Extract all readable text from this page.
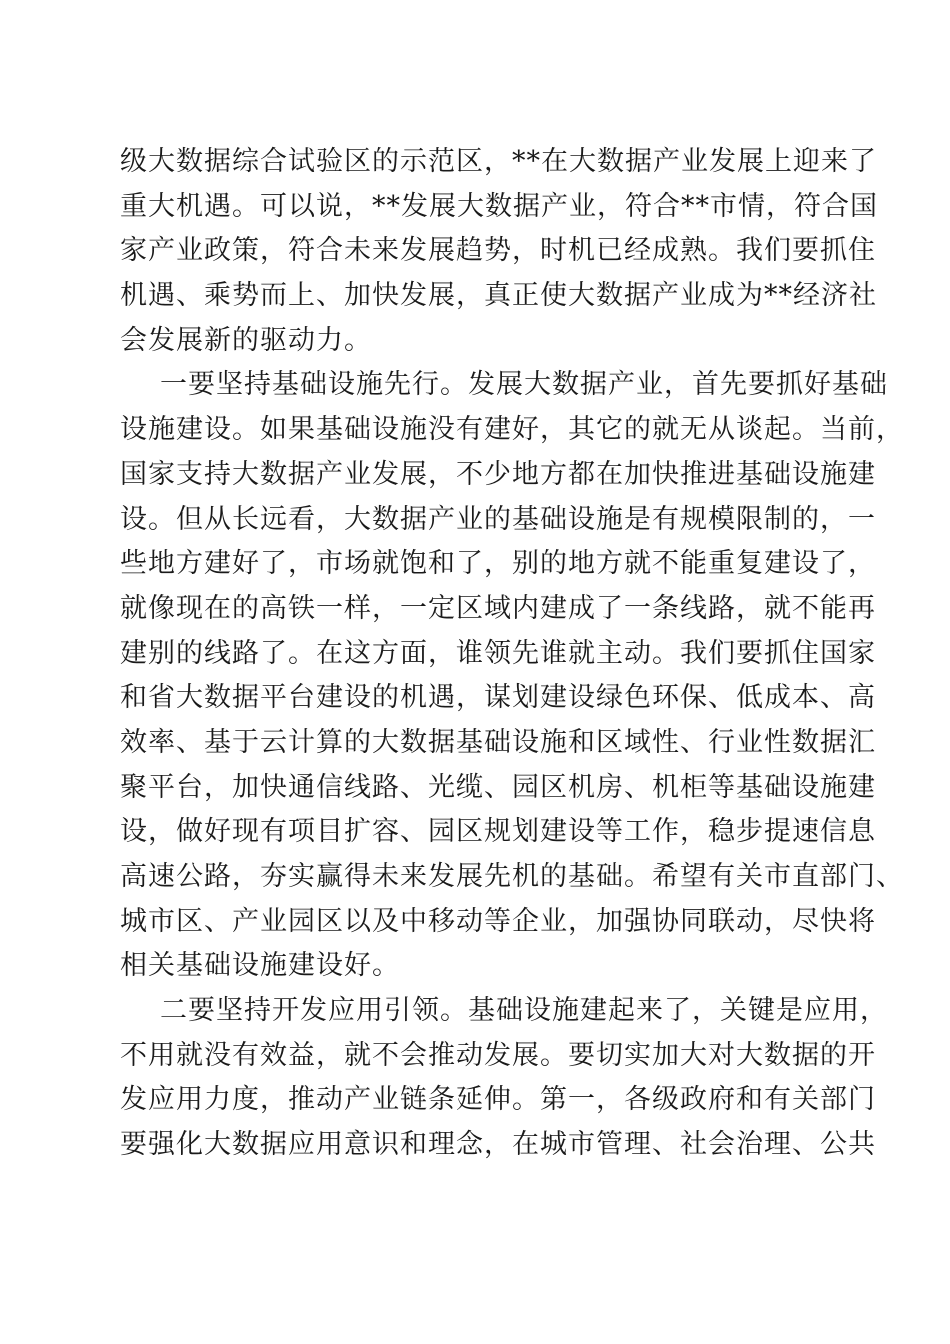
级大数据综合试验区的示范区，**在大数据产业发展上迎来了
重大机遇。可以说，**发展大数据产业，符合**市情，符合国
家产业政策，符合未来发展趋势，时机已经成熟。我们要抓住
机遇、乘势而上、加快发展，真正使大数据产业成为**经济社
会发展新的驱动力。
一要坚持基础设施先行。发展大数据产业，首先要抓好基础
设施建设。如果基础设施没有建好，其它的就无从谈起。当前，
国家支持大数据产业发展，不少地方都在加快推进基础设施建
设。但从长远看，大数据产业的基础设施是有规模限制的，一
些地方建好了，市场就饱和了，别的地方就不能重复建设了，
就像现在的高铁一样，一定区域内建成了一条线路，就不能再
建别的线路了。在这方面，谁领先谁就主动。我们要抓住国家
和省大数据平台建设的机遇，谋划建设绿色环保、低成本、高
效率、基于云计算的大数据基础设施和区域性、行业性数据汇
聚平台，加快通信线路、光缆、园区机房、机柜等基础设施建
设，做好现有项目扩容、园区规划建设等工作，稳步提速信息
高速公路，夯实赢得未来发展先机的基础。希望有关市直部门、
城市区、产业园区以及中移动等企业，加强协同联动，尽快将
相关基础设施建设好。
二要坚持开发应用引领。基础设施建起来了，关键是应用，
不用就没有效益，就不会推动发展。要切实加大对大数据的开
发应用力度，推动产业链条延伸。第一，各级政府和有关部门
要强化大数据应用意识和理念，在城市管理、社会治理、公共
